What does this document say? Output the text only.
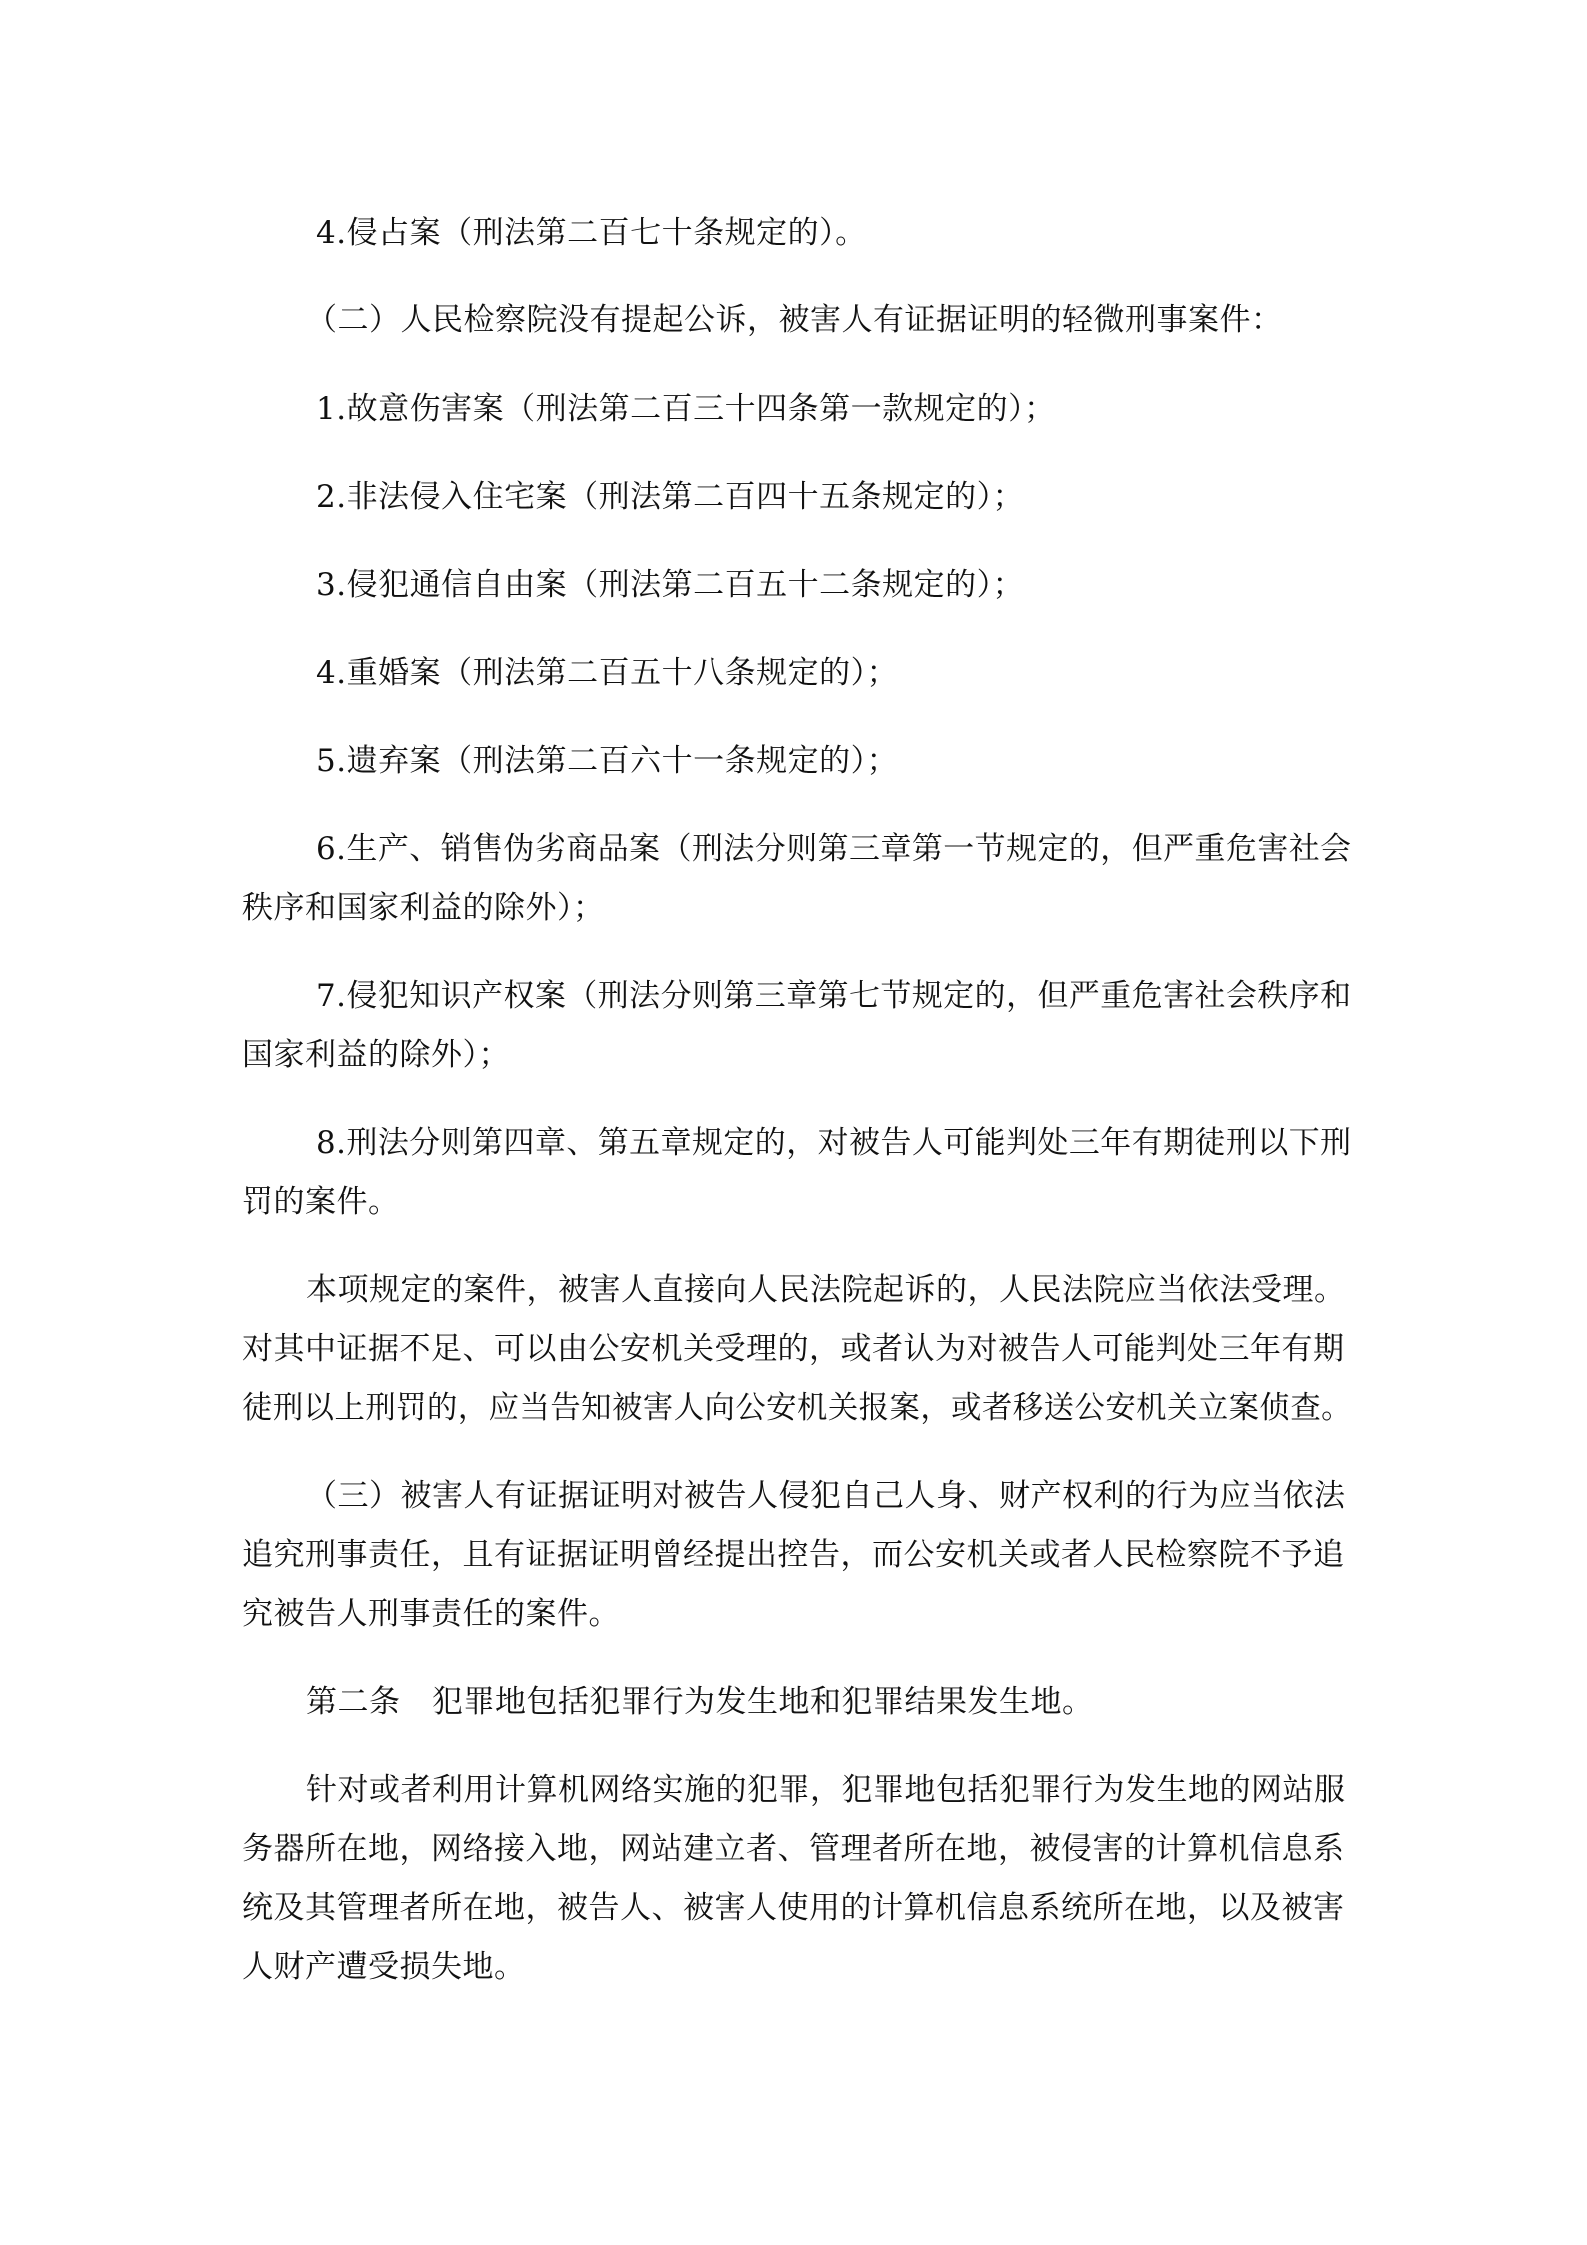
4.侵占案（刑法第二百七十条规定的）。
（二）人民检察院没有提起公诉，被害人有证据证明的轻微刑事案件：
1.故意伤害案（刑法第二百三十四条第一款规定的）；
2.非法侵入住宅案（刑法第二百四十五条规定的）；
3.侵犯通信自由案（刑法第二百五十二条规定的）；
4.重婚案（刑法第二百五十八条规定的）；
5.遗弃案（刑法第二百六十一条规定的）；
6.生产、销售伪劣商品案（刑法分则第三章第一节规定的，但严重危害社会
秩序和国家利益的除外）；
7.侵犯知识产权案（刑法分则第三章第七节规定的，但严重危害社会秩序和
国家利益的除外）；
8.刑法分则第四章、第五章规定的，对被告人可能判处三年有期徒刑以下刑
罚的案件。
本项规定的案件，被害人直接向人民法院起诉的，人民法院应当依法受理。
对其中证据不足、可以由公安机关受理的，或者认为对被告人可能判处三年有期
徒刑以上刑罚的，应当告知被害人向公安机关报案，或者移送公安机关立案侦查。
（三）被害人有证据证明对被告人侵犯自己人身、财产权利的行为应当依法
追究刑事责任，且有证据证明曾经提出控告，而公安机关或者人民检察院不予追
究被告人刑事责任的案件。
第二条　犯罪地包括犯罪行为发生地和犯罪结果发生地。
针对或者利用计算机网络实施的犯罪，犯罪地包括犯罪行为发生地的网站服
务器所在地，网络接入地，网站建立者、管理者所在地，被侵害的计算机信息系
统及其管理者所在地，被告人、被害人使用的计算机信息系统所在地，以及被害
人财产遭受损失地。
